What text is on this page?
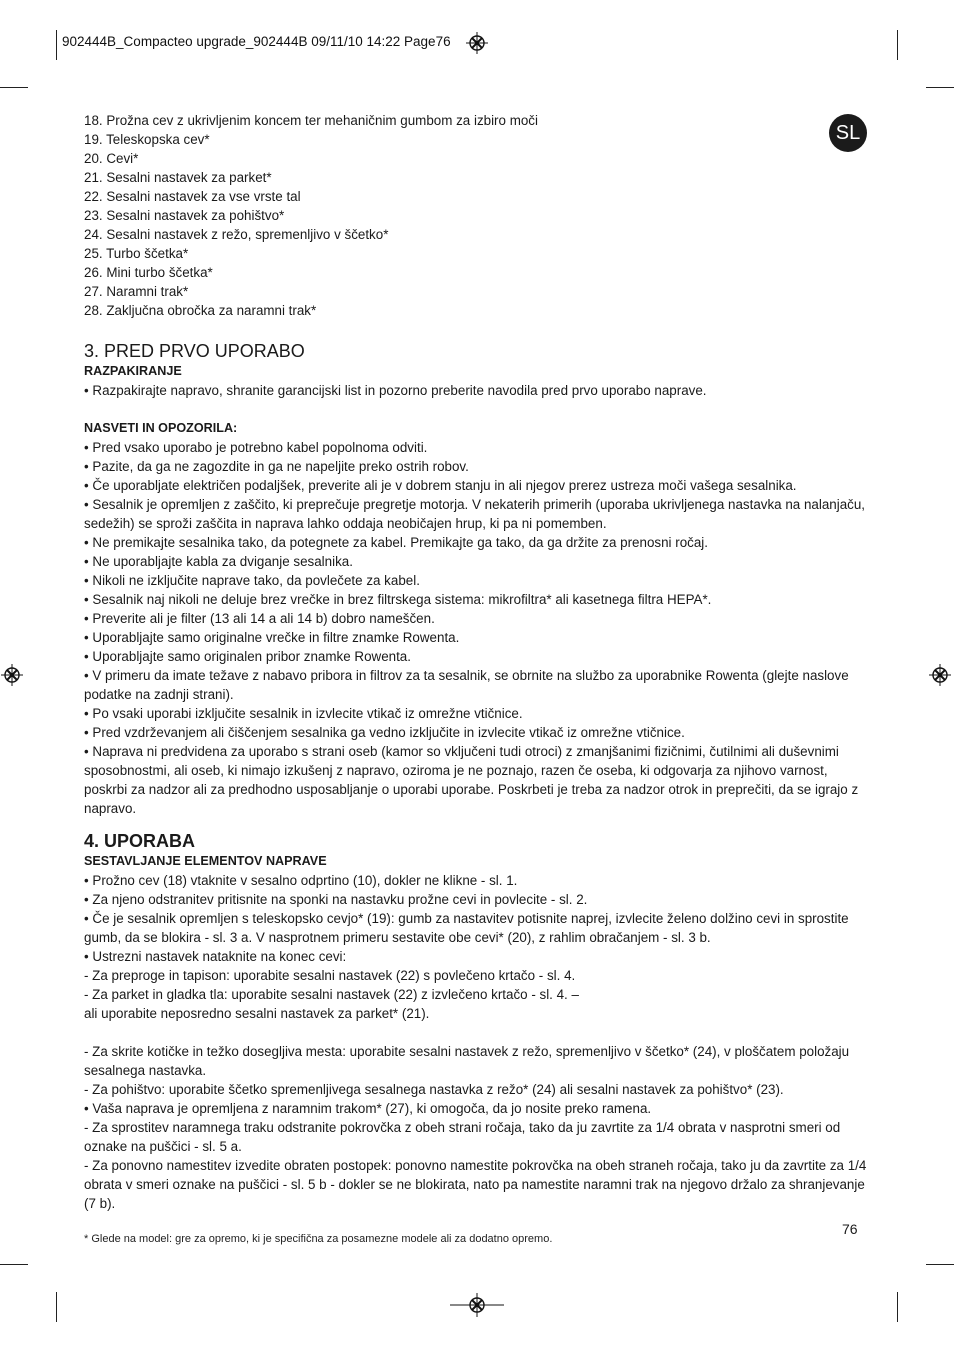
902444B_Compacteo upgrade_902444B 09/11/10 14:22 Page76
SL

18. Prožna cev z ukrivljenim koncem ter mehaničnim gumbom za izbiro moči

19. Teleskopska cev*

20. Cevi*

21. Sesalni nastavek za parket*

22. Sesalni nastavek za vse vrste tal

23. Sesalni nastavek za pohištvo*

24. Sesalni nastavek z režo, spremenljivo v ščetko*

25. Turbo ščetka*

26. Mini turbo ščetka*

27. Naramni trak*

28. Zaključna obročka za naramni trak*

3. PRED PRVO UPORABO

RAZPAKIRANJE

• Razpakirajte napravo, shranite garancijski list in pozorno preberite navodila pred prvo uporabo naprave.

NASVETI IN OPOZORILA:

• Pred vsako uporabo je potrebno kabel popolnoma odviti.

• Pazite, da ga ne zagozdite in ga ne napeljite preko ostrih robov.

• Če uporabljate električen podaljšek, preverite ali je v dobrem stanju in ali njegov prerez ustreza moči vašega sesalnika.

• Sesalnik je opremljen z zaščito, ki preprečuje pregretje motorja. V nekaterih primerih (uporaba ukrivljenega nastavka na nalanjaču, sedežih) se sproži zaščita in naprava lahko oddaja neobičajen hrup, ki pa ni pomemben.

• Ne premikajte sesalnika tako, da potegnete za kabel. Premikajte ga tako, da ga držite za prenosni ročaj.

• Ne uporabljajte kabla za dviganje sesalnika.

• Nikoli ne izključite naprave tako, da povlečete za kabel.

• Sesalnik naj nikoli ne deluje brez vrečke in brez filtrskega sistema: mikrofiltra* ali kasetnega filtra HEPA*.

• Preverite ali je filter (13 ali 14 a ali 14 b) dobro nameščen.

• Uporabljajte samo originalne vrečke in filtre znamke Rowenta.

• Uporabljajte samo originalen pribor znamke Rowenta.

• V primeru da imate težave z nabavo pribora in filtrov za ta sesalnik, se obrnite na službo za uporabnike Rowenta (glejte naslove podatke na zadnji strani).

• Po vsaki uporabi izključite sesalnik in izvlecite vtikač iz omrežne vtičnice.

• Pred vzdrževanjem ali čiščenjem sesalnika ga vedno izključite in izvlecite vtikač iz omrežne vtičnice.

• Naprava ni predvidena za uporabo s strani oseb (kamor so vključeni tudi otroci) z zmanjšanimi fizičnimi, čutilnimi ali duševnimi sposobnostmi, ali oseb, ki nimajo izkušenj z napravo, oziroma je ne poznajo, razen če oseba, ki odgovarja za njihovo varnost, poskrbi za nadzor ali za predhodno usposabljanje o uporabi uporabe. Poskrbeti je treba za nadzor otrok in preprečiti, da se igrajo z napravo.

4. UPORABA

SESTAVLJANJE ELEMENTOV NAPRAVE

• Prožno cev (18) vtaknite v sesalno odprtino (10), dokler ne klikne - sl. 1.

• Za njeno odstranitev pritisnite na sponki na nastavku prožne cevi in povlecite - sl. 2.

• Če je sesalnik opremljen s teleskopsko cevjo* (19): gumb za nastavitev potisnite naprej, izvlecite želeno dolžino cevi in sprostite gumb, da se blokira - sl. 3 a. V nasprotnem primeru sestavite obe cevi* (20), z rahlim obračanjem - sl. 3 b.

• Ustrezni nastavek nataknite na konec cevi:

- Za preproge in tapison: uporabite sesalni nastavek (22) s povlečeno krtačo - sl. 4.

- Za parket in gladka tla: uporabite sesalni nastavek (22) z izvlečeno krtačo - sl. 4. –

ali uporabite neposredno sesalni nastavek za parket* (21).

- Za skrite kotičke in težko dosegljiva mesta: uporabite sesalni nastavek z režo, spremenljivo v ščetko* (24), v ploščatem položaju sesalnega nastavka.

- Za pohištvo: uporabite ščetko spremenljivega sesalnega nastavka z režo* (24) ali sesalni nastavek za pohištvo* (23).

• Vaša naprava je opremljena z naramnim trakom* (27), ki omogoča, da jo nosite preko ramena.

- Za sprostitev naramnega traku odstranite pokrovčka z obeh strani ročaja, tako da ju zavrtite za 1/4 obrata v nasprotni smeri od oznake na puščici - sl. 5 a.

- Za ponovno namestitev izvedite obraten postopek: ponovno namestite pokrovčka na obeh straneh ročaja, tako ju da zavrtite za 1/4 obrata v smeri oznake na puščici - sl. 5 b - dokler se ne blokirata, nato pa namestite naramni trak na njegovo držalo za shranjevanje (7 b).

76
* Glede na model: gre za opremo, ki je specifična za posamezne modele ali za dodatno opremo.
